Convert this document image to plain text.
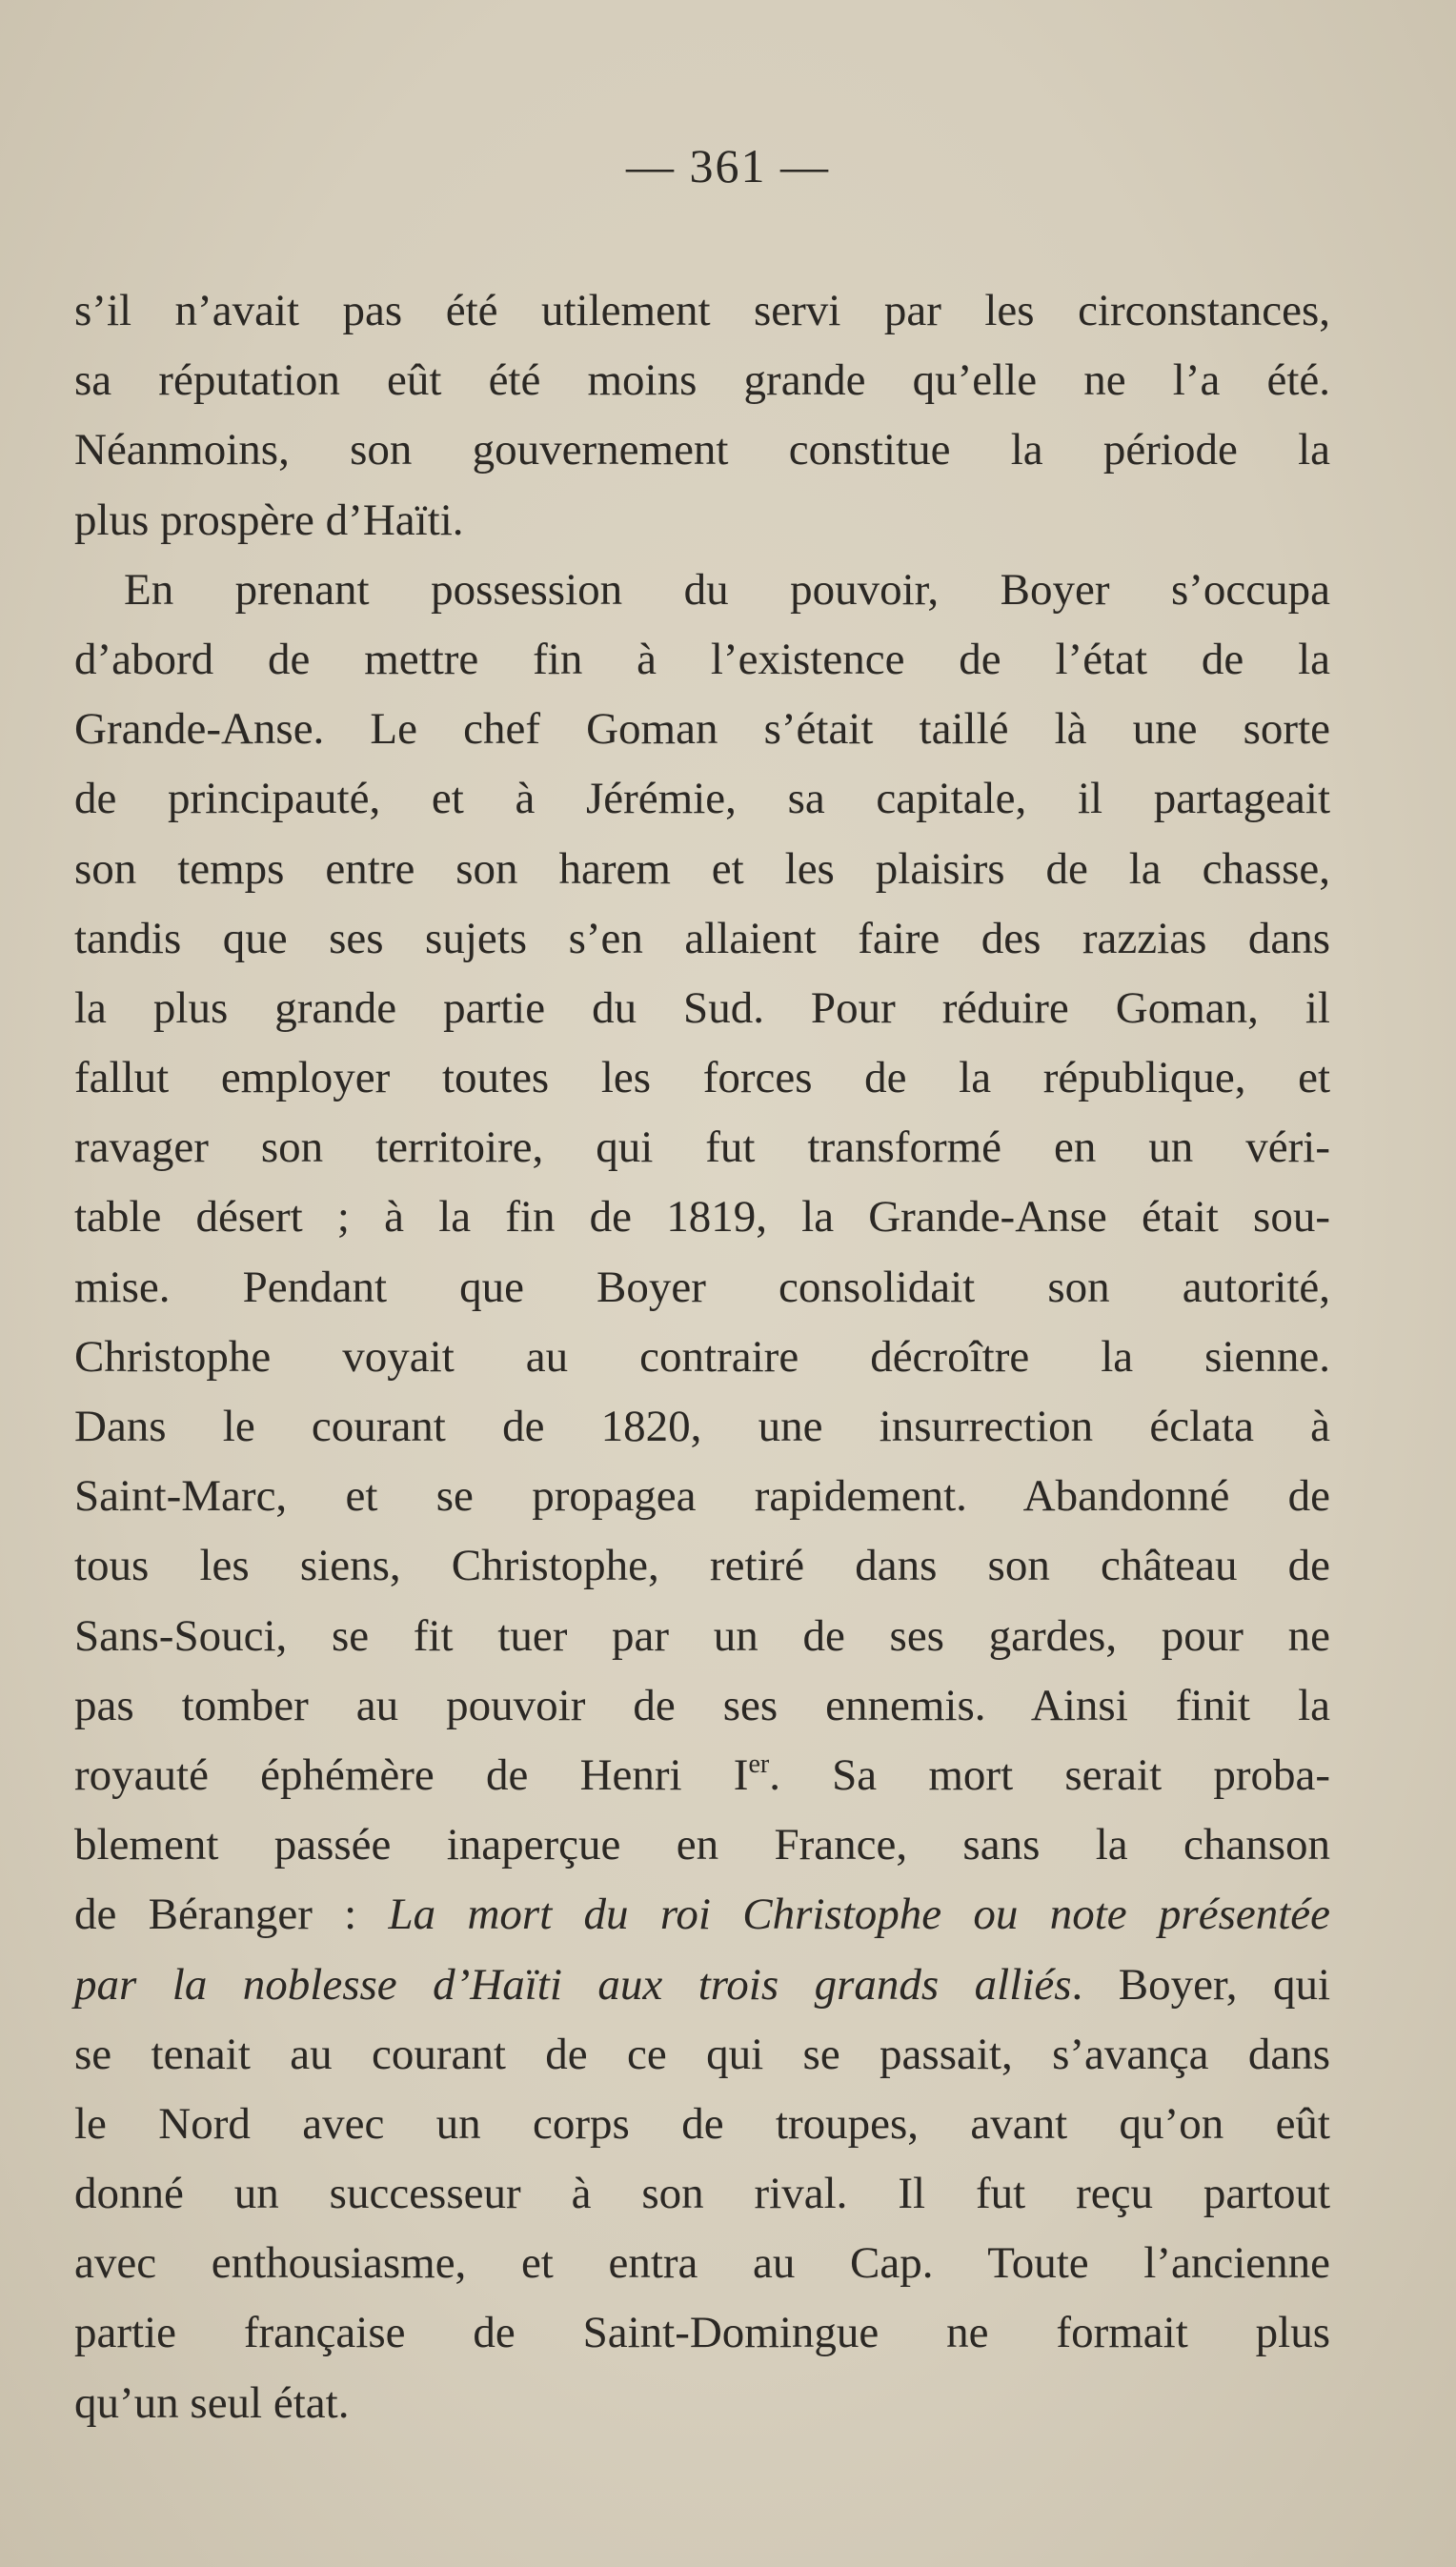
— 361 —
s’il n’avait pas été utilement servi par les circonstances,
sa réputation eût été moins grande qu’elle ne l’a été.
Néanmoins, son gouvernement constitue la période la
plus prospère d’Haïti.
En prenant possession du pouvoir, Boyer s’occupa
d’abord de mettre fin à l’existence de l’état de la
Grande-Anse. Le chef Goman s’était taillé là une sorte
de principauté, et à Jérémie, sa capitale, il partageait
son temps entre son harem et les plaisirs de la chasse,
tandis que ses sujets s’en allaient faire des razzias dans
la plus grande partie du Sud. Pour réduire Goman, il
fallut employer toutes les forces de la république, et
ravager son territoire, qui fut transformé en un véri-
table désert ; à la fin de 1819, la Grande-Anse était sou-
mise. Pendant que Boyer consolidait son autorité,
Christophe voyait au contraire décroître la sienne.
Dans le courant de 1820, une insurrection éclata à
Saint-Marc, et se propagea rapidement. Abandonné de
tous les siens, Christophe, retiré dans son château de
Sans-Souci, se fit tuer par un de ses gardes, pour ne
pas tomber au pouvoir de ses ennemis. Ainsi finit la
royauté éphémère de Henri Ier. Sa mort serait proba-
blement passée inaperçue en France, sans la chanson
de Béranger : La mort du roi Christophe ou note présentée
par la noblesse d’Haïti aux trois grands alliés. Boyer, qui
se tenait au courant de ce qui se passait, s’avança dans
le Nord avec un corps de troupes, avant qu’on eût
donné un successeur à son rival. Il fut reçu partout
avec enthousiasme, et entra au Cap. Toute l’ancienne
partie française de Saint-Domingue ne formait plus
qu’un seul état.
